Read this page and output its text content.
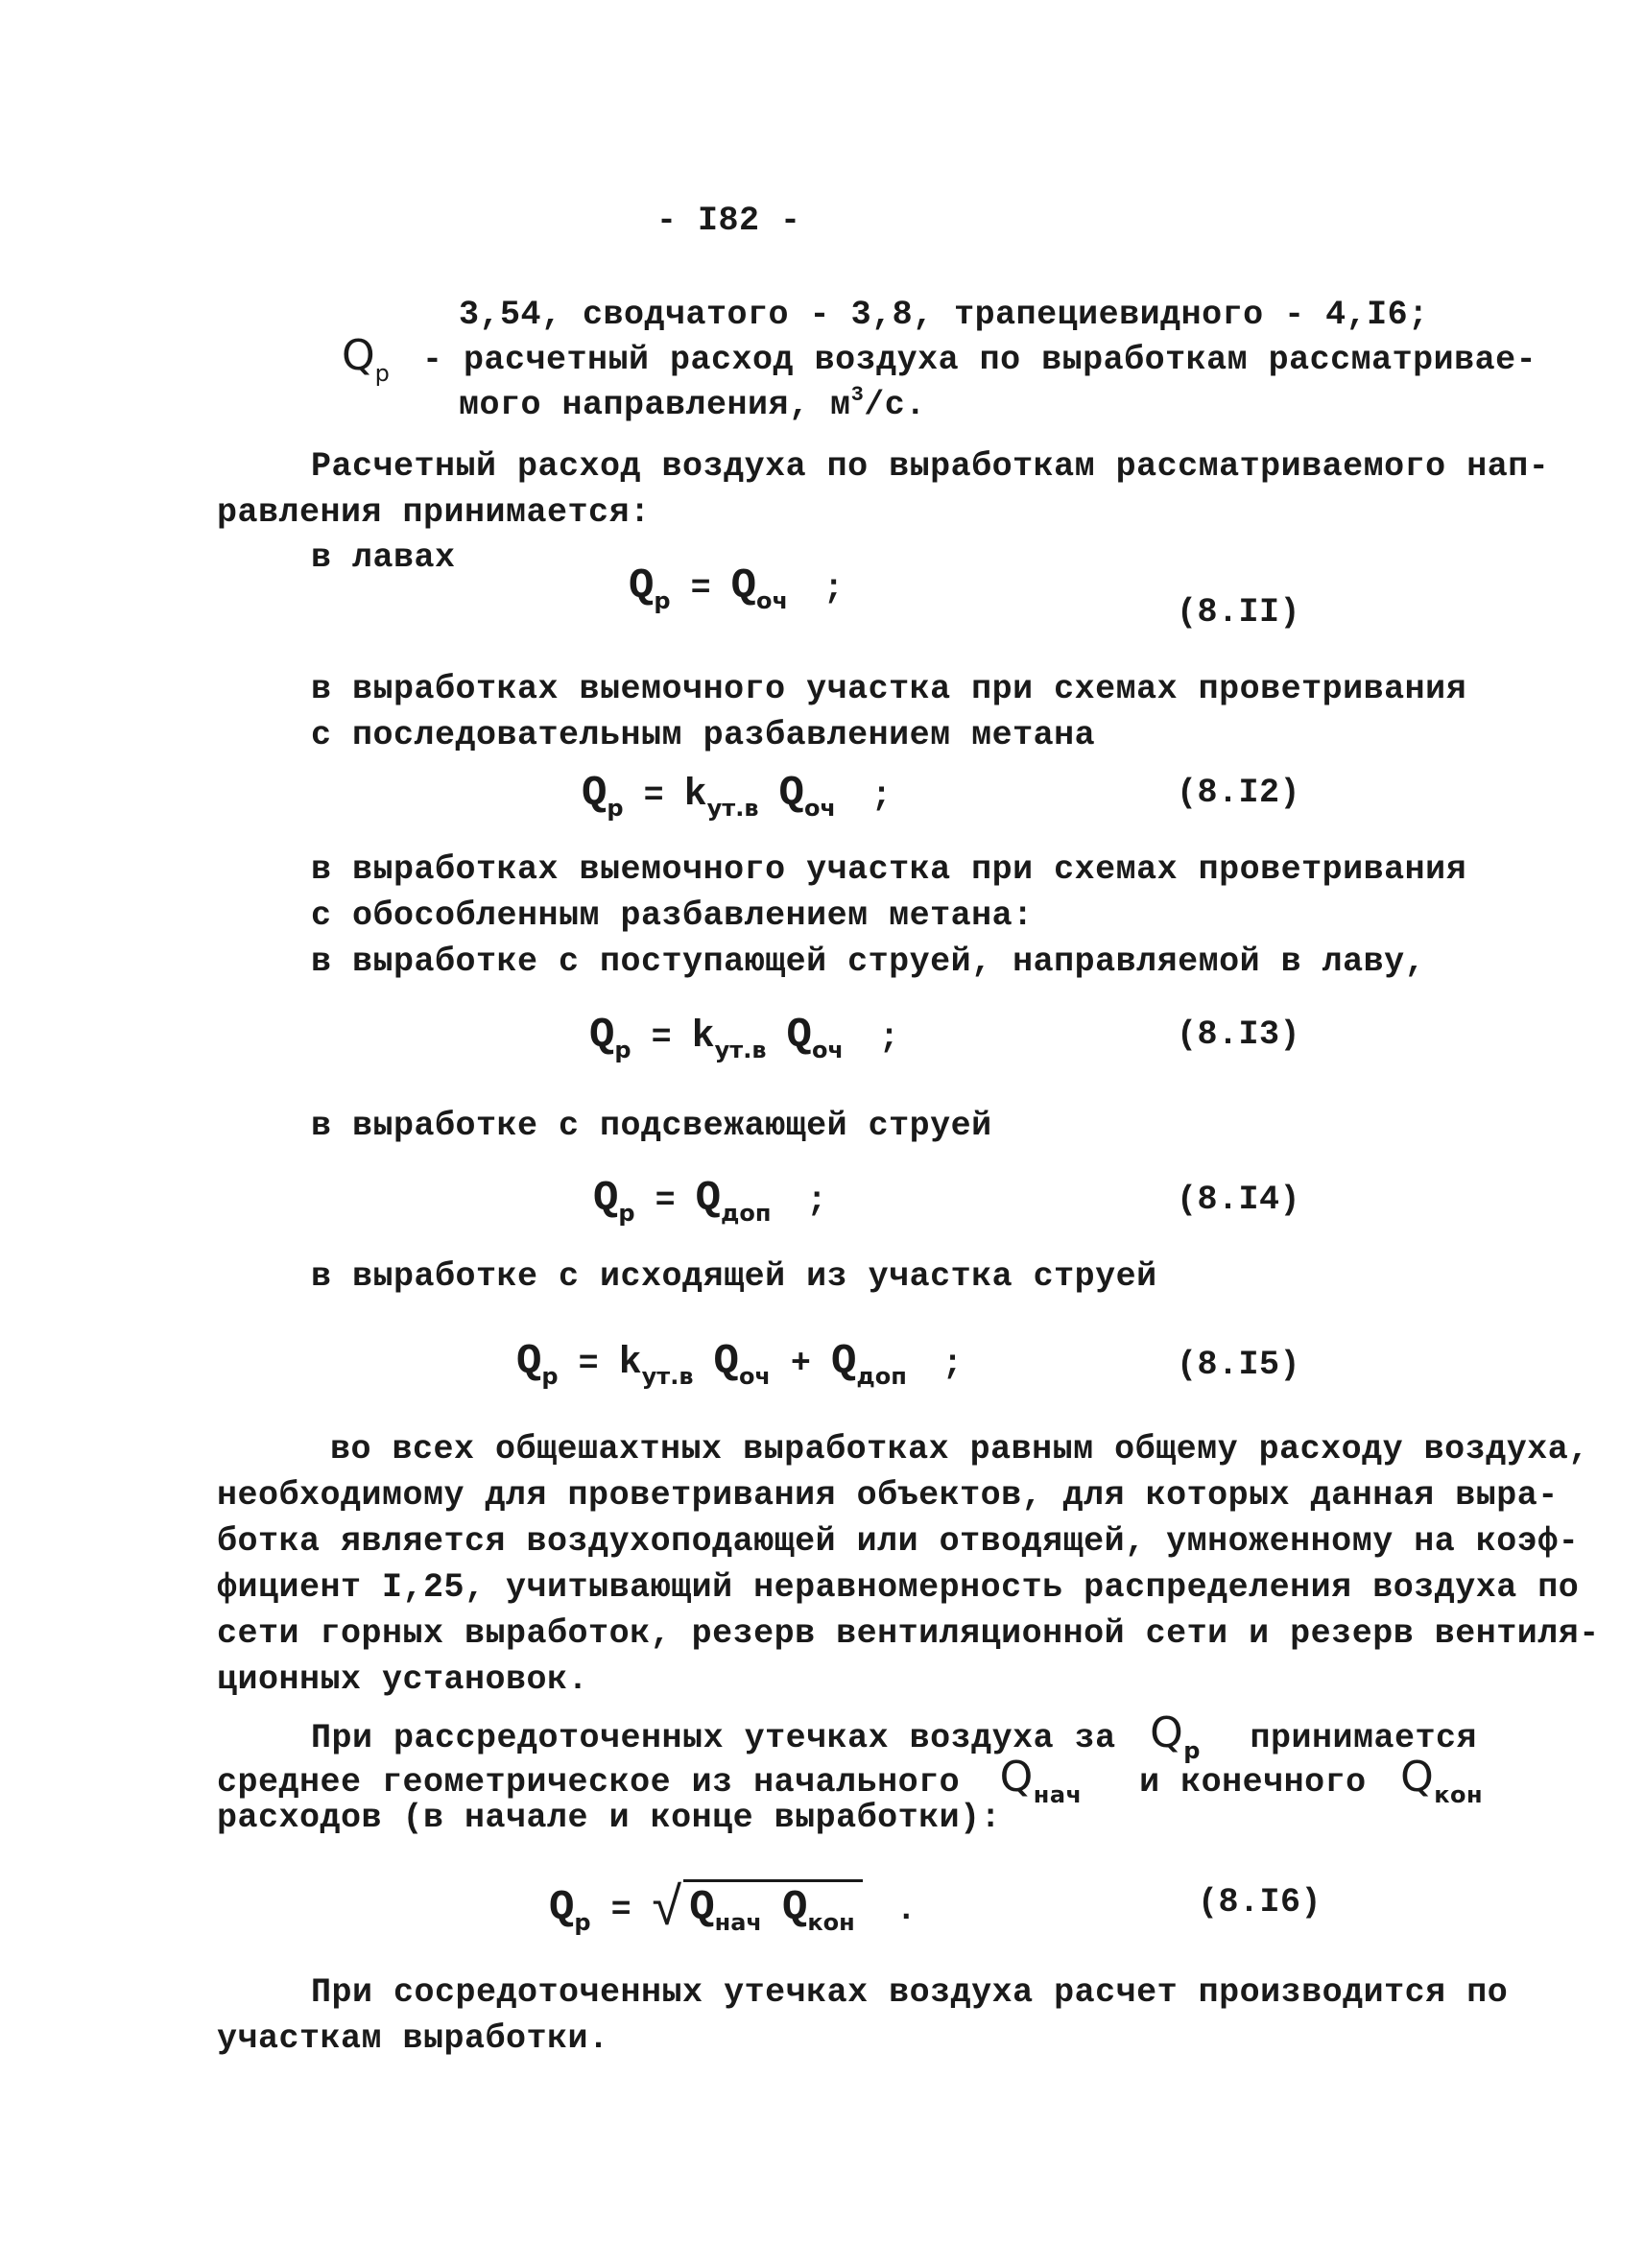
- I82 -
3,54, сводчатого - 3,8, трапециевидного - 4,I6;
$Q_р$ - расчетный расход воздуха по выработкам рассматривае-
мого направления, $м^3/с$.
Расчетный расход воздуха по выработкам рассматриваемого нап-
равления принимается:
в лавах
$Q_р = Q_{оч}$ ;
(8.II)
в выработках выемочного участка при схемах проветривания
с последовательным разбавлением метана
$Q_р = k_{ут.в}$ $Q_{оч}$ ;	(8.I2)
в выработках выемочного участка при схемах проветривания
с обособленным разбавлением метана:
в выработке с поступающей струей, направляемой в лаву,
$Q_р = k_{ут.в}$ $Q_{оч}$ ;	(8.I3)
в выработке с подсвежающей струей
$Q_р = Q_{доп}$ ;	(8.I4)
в выработке с исходящей из участка струей
$Q_р = k_{ут.в}$ $Q_{оч} + Q_{доп}$ ;	(8.I5)
во всех общешахтных выработках равным общему расходу воздуха,
необходимому для проветривания объектов, для которых данная выра-
ботка является воздухоподающей или отводящей, умноженному на коэф-
фициент I,25, учитывающий неравномерность распределения воздуха по
сети горных выработок, резерв вентиляционной сети и резерв вентиля-
ционных установок.
При рассредоточенных утечках воздуха за $Q_р$ принимается
среднее геометрическое из начального $Q_{нач}$ и конечного $Q_{кон}$
расходов (в начале и конце выработки):
$Q_р$ = √ $Q_{нач}$ $Q_{кон}$ .	(8.I6)
При сосредоточенных утечках воздуха расчет производится по
участкам выработки.
